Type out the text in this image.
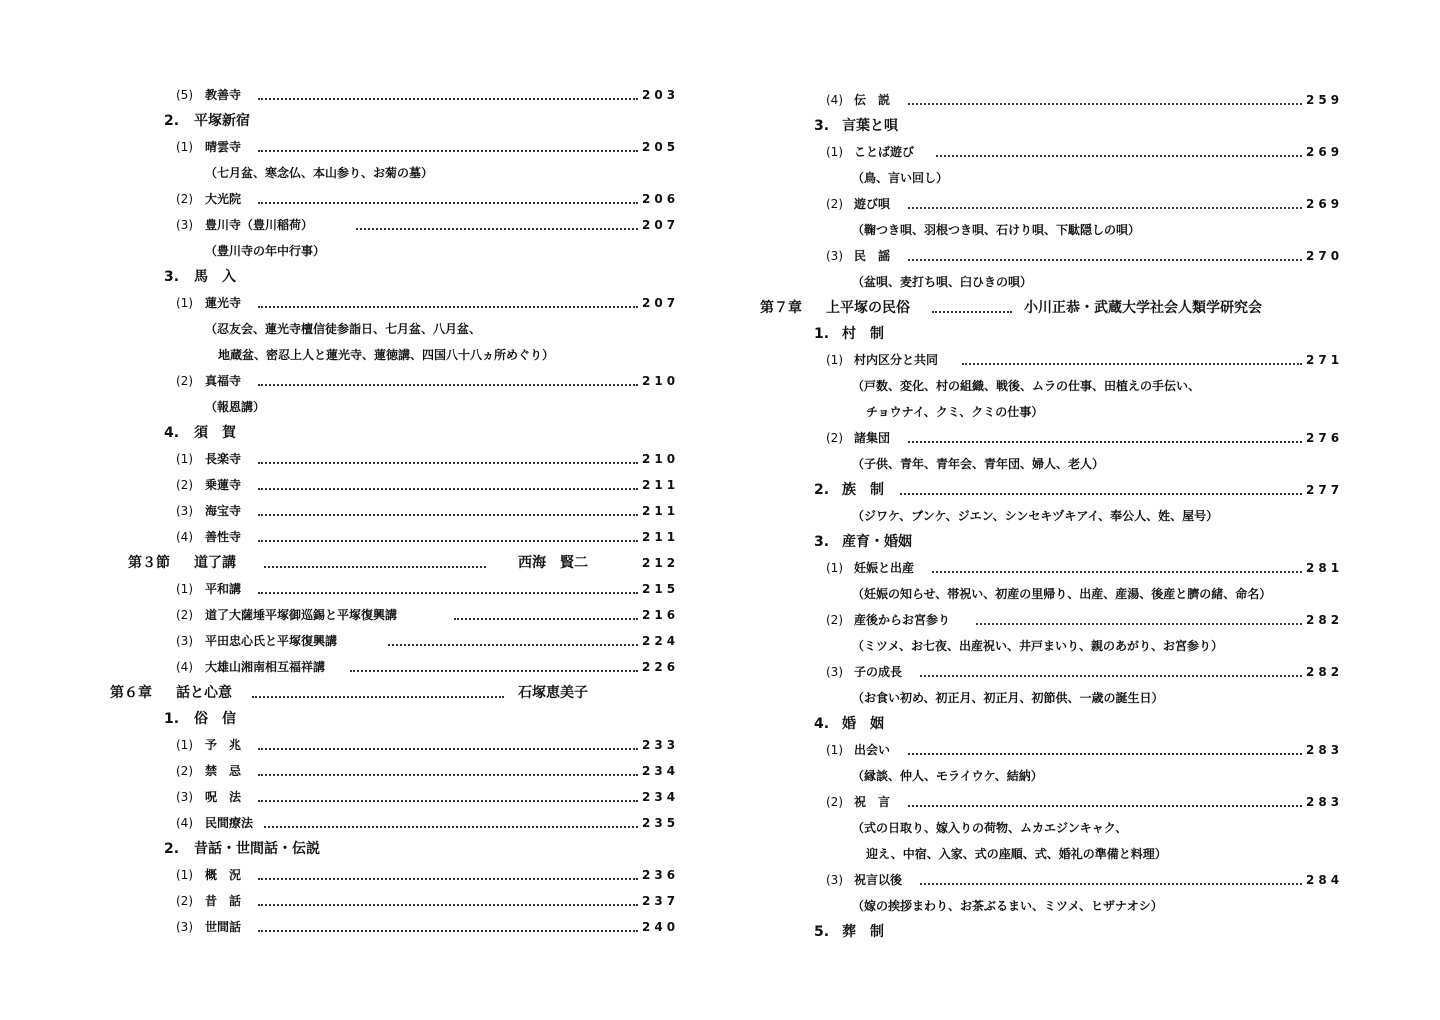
(5) 教善寺	203
2. 平塚新宿
(1) 晴雲寺	205
（七月盆、寒念仏、本山参り、お菊の墓）
(2) 大光院	206
(3) 豊川寺（豊川稲荷）	207
（豊川寺の年中行事）
3. 馬　入
(1) 蓮光寺	207
（忍友会、蓮光寺檀信徒参詣日、七月盆、八月盆、
地蔵盆、密忍上人と蓮光寺、蓮徳講、四国八十八ヵ所めぐり）
(2) 真福寺	210
（報恩講）
4. 須　賀
(1) 長楽寺	210
(2) 乗蓮寺	211
(3) 海宝寺	211
(4) 善性寺	211
第３節 道了講	西海　賢二	212
(1) 平和講	215
(2) 道了大薩埵平塚御巡錫と平塚復興講	216
(3) 平田忠心氏と平塚復興講	224
(4) 大雄山湘南相互福祥講	226
第６章 話と心意	石塚恵美子
1. 俗　信
(1) 予　兆	233
(2) 禁　忌	234
(3) 呪　法	234
(4) 民間療法	235
2. 昔話・世間話・伝説
(1) 概　況	236
(2) 昔　話	237
(3) 世間話	240
(4) 伝　説	259
3. 言葉と唄
(1) ことば遊び	269
（鳥、言い回し）
(2) 遊び唄	269
（鞠つき唄、羽根つき唄、石けり唄、下駄隠しの唄）
(3) 民　謡	270
（盆唄、麦打ち唄、臼ひきの唄）
第７章 上平塚の民俗	小川正恭・武蔵大学社会人類学研究会
1. 村　制
(1) 村内区分と共同	271
（戸数、変化、村の組織、戦後、ムラの仕事、田植えの手伝い、
チョウナイ、クミ、クミの仕事）
(2) 諸集団	276
（子供、青年、青年会、青年団、婦人、老人）
2. 族　制	277
（ジワケ、ブンケ、ジエン、シンセキヅキアイ、奉公人、姓、屋号）
3. 産育・婚姻
(1) 妊娠と出産	281
（妊娠の知らせ、帯祝い、初産の里帰り、出産、産湯、後産と臍の緒、命名）
(2) 産後からお宮参り	282
（ミツメ、お七夜、出産祝い、井戸まいり、親のあがり、お宮参り）
(3) 子の成長	282
（お食い初め、初正月、初正月、初節供、一歳の誕生日）
4. 婚　姻
(1) 出会い	283
（縁談、仲人、モライウケ、結納）
(2) 祝　言	283
（式の日取り、嫁入りの荷物、ムカエジンキャク、
迎え、中宿、入家、式の座順、式、婚礼の準備と料理）
(3) 祝言以後	284
（嫁の挨拶まわり、お茶ぶるまい、ミツメ、ヒザナオシ）
5. 葬　制
